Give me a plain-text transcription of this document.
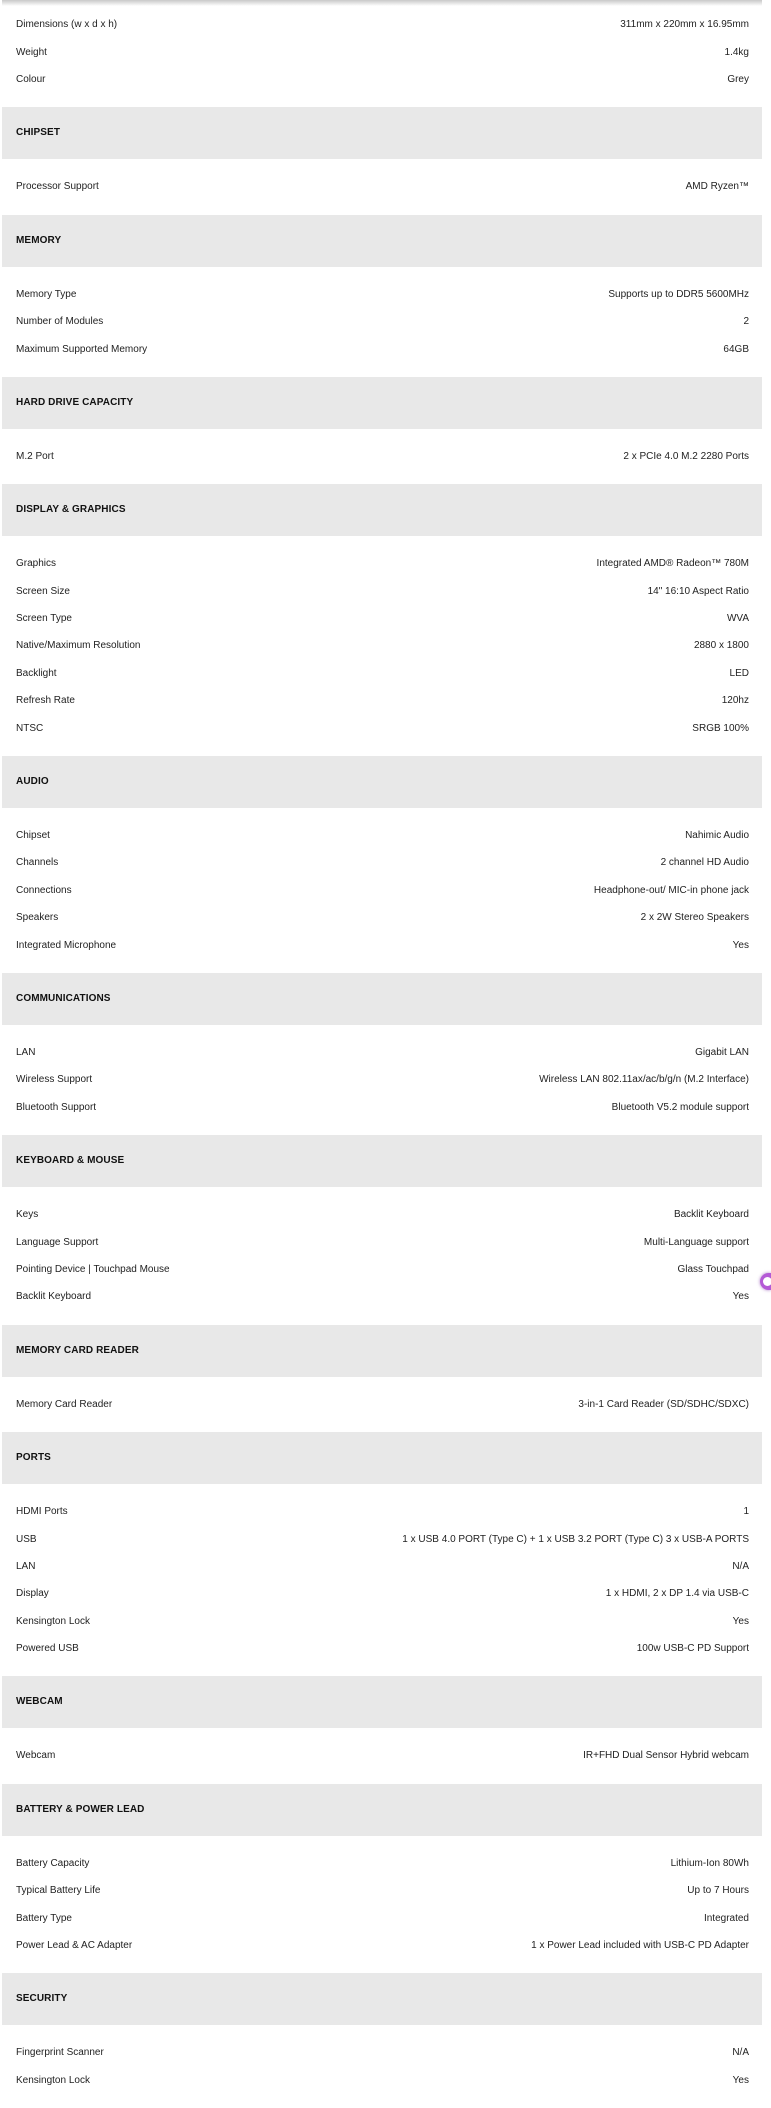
Dimensions (w x d x h)	311mm x 220mm x 16.95mm
Weight	1.4kg
Colour	Grey
CHIPSET
Processor Support	AMD Ryzen™
MEMORY
Memory Type	Supports up to DDR5 5600MHz
Number of Modules	2
Maximum Supported Memory	64GB
HARD DRIVE CAPACITY
M.2 Port	2 x PCIe 4.0 M.2 2280 Ports
DISPLAY & GRAPHICS
Graphics	Integrated AMD® Radeon™ 780M
Screen Size	14" 16:10 Aspect Ratio
Screen Type	WVA
Native/Maximum Resolution	2880 x 1800
Backlight	LED
Refresh Rate	120hz
NTSC	SRGB 100%
AUDIO
Chipset	Nahimic Audio
Channels	2 channel HD Audio
Connections	Headphone-out/ MIC-in phone jack
Speakers	2 x 2W Stereo Speakers
Integrated Microphone	Yes
COMMUNICATIONS
LAN	Gigabit LAN
Wireless Support	Wireless LAN 802.11ax/ac/b/g/n (M.2 Interface)
Bluetooth Support	Bluetooth V5.2 module support
KEYBOARD & MOUSE
Keys	Backlit Keyboard
Language Support	Multi-Language support
Pointing Device | Touchpad Mouse	Glass Touchpad
Backlit Keyboard	Yes
MEMORY CARD READER
Memory Card Reader	3-in-1 Card Reader (SD/SDHC/SDXC)
PORTS
HDMI Ports	1
USB	1 x USB 4.0 PORT (Type C) + 1 x USB 3.2 PORT (Type C) 3 x USB-A PORTS
LAN	N/A
Display	1 x HDMI, 2 x DP 1.4 via USB-C
Kensington Lock	Yes
Powered USB	100w USB-C PD Support
WEBCAM
Webcam	IR+FHD Dual Sensor Hybrid webcam
BATTERY & POWER LEAD
Battery Capacity	Lithium-Ion 80Wh
Typical Battery Life	Up to 7 Hours
Battery Type	Integrated
Power Lead & AC Adapter	1 x Power Lead included with USB-C PD Adapter
SECURITY
Fingerprint Scanner	N/A
Kensington Lock	Yes
